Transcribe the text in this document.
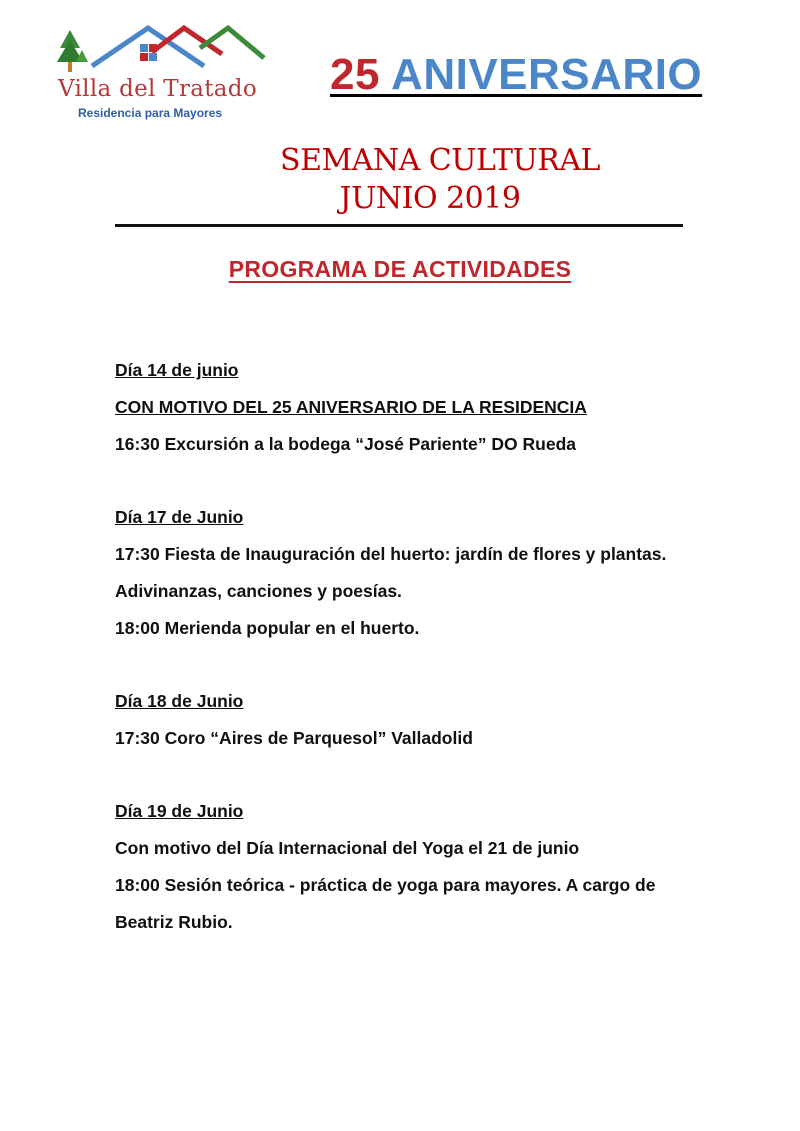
Villa del Tratado
Residencia para Mayores
25 ANIVERSARIO
SEMANA CULTURAL
JUNIO 2019
PROGRAMA DE ACTIVIDADES
Día 14 de junio
CON MOTIVO DEL 25 ANIVERSARIO DE LA RESIDENCIA
16:30 Excursión a la bodega “José Pariente” DO Rueda
Día 17 de Junio
17:30 Fiesta de Inauguración del huerto: jardín de flores y plantas.
Adivinanzas, canciones y poesías.
18:00 Merienda popular en el huerto.
Día 18 de Junio
17:30 Coro “Aires de Parquesol” Valladolid
Día 19 de Junio
Con motivo del Día Internacional del Yoga el 21 de junio
18:00 Sesión teórica - práctica de yoga para mayores. A cargo de
Beatriz Rubio.
